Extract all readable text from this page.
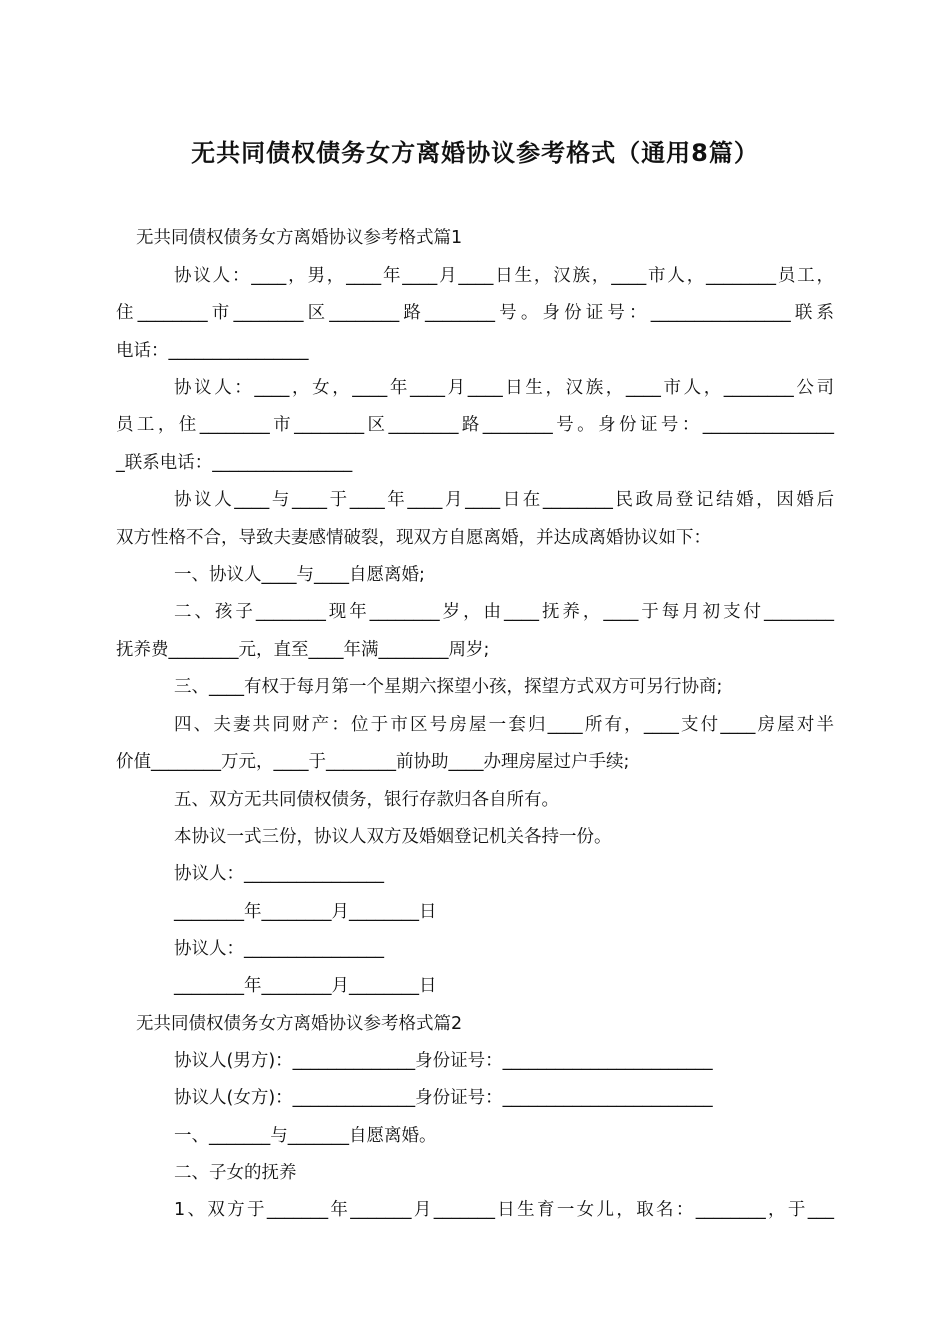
无共同债权债务女方离婚协议参考格式（通用8篇）
无共同债权债务女方离婚协议参考格式篇1
协议人：____，男，____年____月____日生，汉族，____市人，________员工，
住________市________区________路________号。身份证号：________________联系
电话：________________
协议人：____，女，____年____月____日生，汉族，____市人，________公司
员工，住________市________区________路________号。身份证号：_______________
_联系电话：________________
协议人____与____于____年____月____日在________民政局登记结婚，因婚后
双方性格不合，导致夫妻感情破裂，现双方自愿离婚，并达成离婚协议如下：
一、协议人____与____自愿离婚;
二、孩子________现年________岁，由____抚养，____于每月初支付________
抚养费________元，直至____年满________周岁;
三、____有权于每月第一个星期六探望小孩，探望方式双方可另行协商;
四、夫妻共同财产：位于市区号房屋一套归____所有，____支付____房屋对半
价值________万元，____于________前协助____办理房屋过户手续;
五、双方无共同债权债务，银行存款归各自所有。
本协议一式三份，协议人双方及婚姻登记机关各持一份。
协议人：________________
________年________月________日
协议人：________________
________年________月________日
无共同债权债务女方离婚协议参考格式篇2
协议人(男方)：______________身份证号：________________________
协议人(女方)：______________身份证号：________________________
一、_______与_______自愿离婚。
二、子女的抚养
1、双方于_______年_______月_______日生育一女儿，取名：________，于___
